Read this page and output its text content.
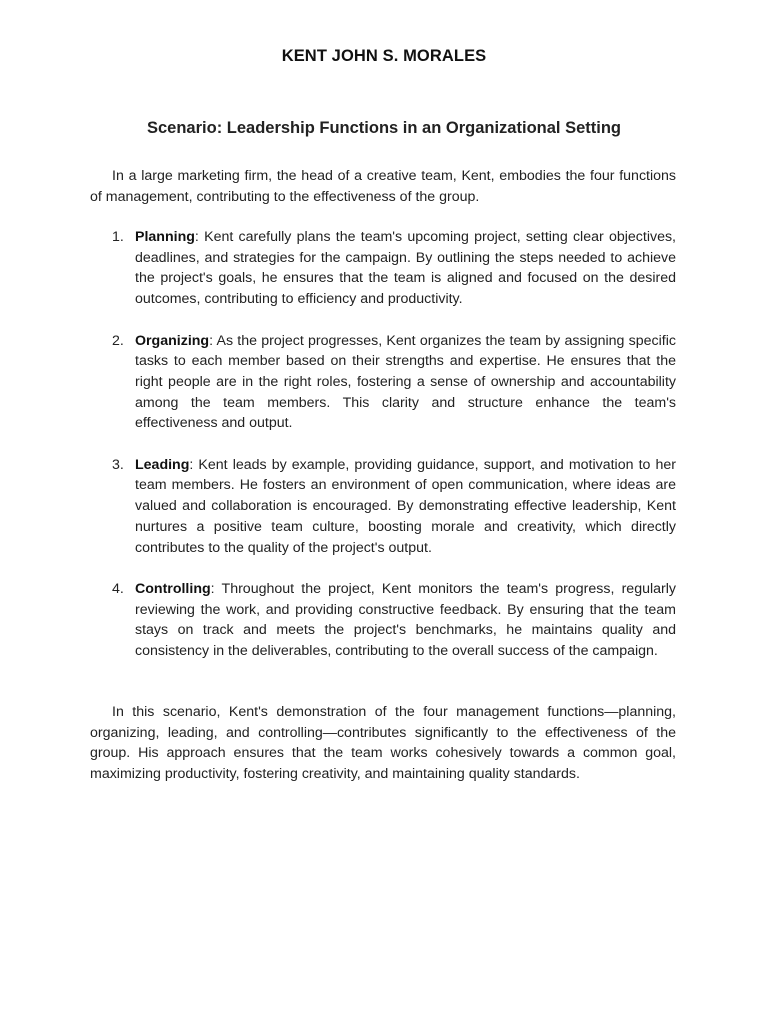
KENT JOHN S. MORALES
Scenario: Leadership Functions in an Organizational Setting

In a large marketing firm, the head of a creative team, Kent, embodies the four functions of management, contributing to the effectiveness of the group.

1. Planning: Kent carefully plans the team's upcoming project, setting clear objectives, deadlines, and strategies for the campaign. By outlining the steps needed to achieve the project's goals, he ensures that the team is aligned and focused on the desired outcomes, contributing to efficiency and productivity.
2. Organizing: As the project progresses, Kent organizes the team by assigning specific tasks to each member based on their strengths and expertise. He ensures that the right people are in the right roles, fostering a sense of ownership and accountability among the team members. This clarity and structure enhance the team's effectiveness and output.
3. Leading: Kent leads by example, providing guidance, support, and motivation to her team members. He fosters an environment of open communication, where ideas are valued and collaboration is encouraged. By demonstrating effective leadership, Kent nurtures a positive team culture, boosting morale and creativity, which directly contributes to the quality of the project's output.
4. Controlling: Throughout the project, Kent monitors the team's progress, regularly reviewing the work, and providing constructive feedback. By ensuring that the team stays on track and meets the project's benchmarks, he maintains quality and consistency in the deliverables, contributing to the overall success of the campaign.

In this scenario, Kent's demonstration of the four management functions—planning, organizing, leading, and controlling—contributes significantly to the effectiveness of the group. His approach ensures that the team works cohesively towards a common goal, maximizing productivity, fostering creativity, and maintaining quality standards.
